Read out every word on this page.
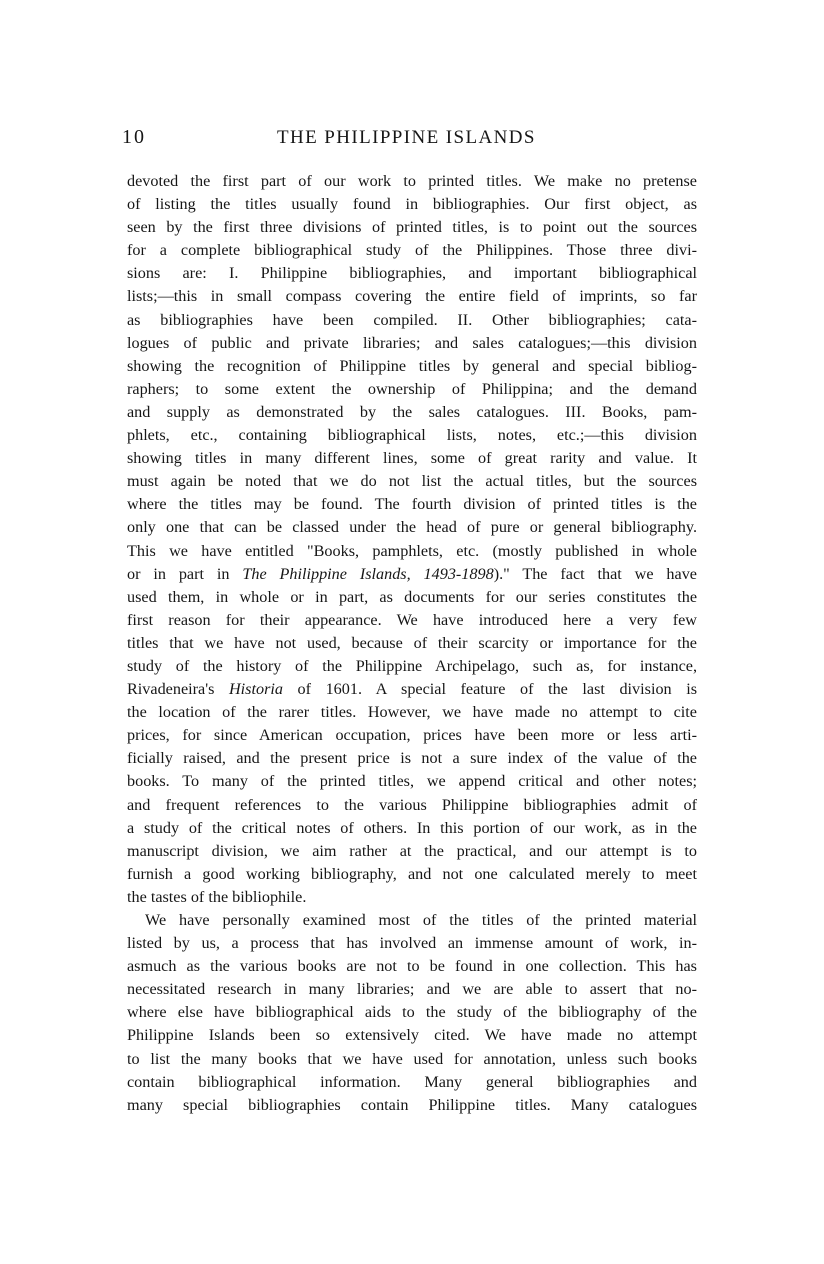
10	THE PHILIPPINE ISLANDS
devoted the first part of our work to printed titles. We make no pretense
of listing the titles usually found in bibliographies. Our first object, as
seen by the first three divisions of printed titles, is to point out the sources
for a complete bibliographical study of the Philippines. Those three divi-
sions are: I. Philippine bibliographies, and important bibliographical
lists;—this in small compass covering the entire field of imprints, so far
as bibliographies have been compiled. II. Other bibliographies; cata-
logues of public and private libraries; and sales catalogues;—this division
showing the recognition of Philippine titles by general and special bibliog-
raphers; to some extent the ownership of Philippina; and the demand
and supply as demonstrated by the sales catalogues. III. Books, pam-
phlets, etc., containing bibliographical lists, notes, etc.;—this division
showing titles in many different lines, some of great rarity and value. It
must again be noted that we do not list the actual titles, but the sources
where the titles may be found. The fourth division of printed titles is the
only one that can be classed under the head of pure or general bibliography.
This we have entitled "Books, pamphlets, etc. (mostly published in whole
or in part in The Philippine Islands, 1493-1898)." The fact that we have
used them, in whole or in part, as documents for our series constitutes the
first reason for their appearance. We have introduced here a very few
titles that we have not used, because of their scarcity or importance for the
study of the history of the Philippine Archipelago, such as, for instance,
Rivadeneira's Historia of 1601. A special feature of the last division is
the location of the rarer titles. However, we have made no attempt to cite
prices, for since American occupation, prices have been more or less arti-
ficially raised, and the present price is not a sure index of the value of the
books. To many of the printed titles, we append critical and other notes;
and frequent references to the various Philippine bibliographies admit of
a study of the critical notes of others. In this portion of our work, as in the
manuscript division, we aim rather at the practical, and our attempt is to
furnish a good working bibliography, and not one calculated merely to meet
the tastes of the bibliophile.
We have personally examined most of the titles of the printed material
listed by us, a process that has involved an immense amount of work, in-
asmuch as the various books are not to be found in one collection. This has
necessitated research in many libraries; and we are able to assert that no-
where else have bibliographical aids to the study of the bibliography of the
Philippine Islands been so extensively cited. We have made no attempt
to list the many books that we have used for annotation, unless such books
contain bibliographical information. Many general bibliographies and
many special bibliographies contain Philippine titles. Many catalogues
